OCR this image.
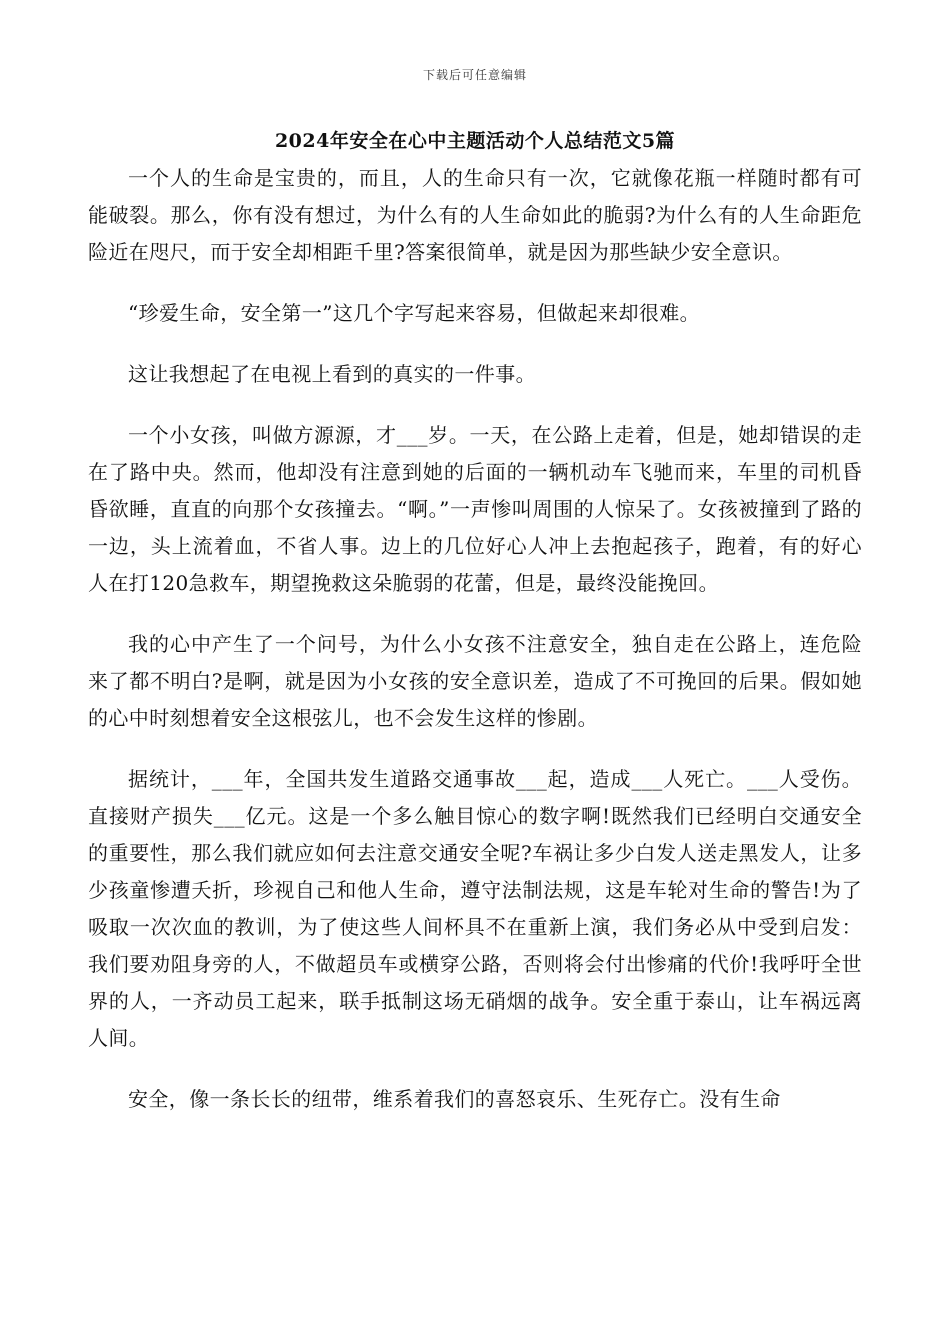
下载后可任意编辑
2024年安全在心中主题活动个人总结范文5篇

一个人的生命是宝贵的，而且，人的生命只有一次，它就像花瓶一样随时都有可能破裂。那么，你有没有想过，为什么有的人生命如此的脆弱?为什么有的人生命距危险近在咫尺，而于安全却相距千里?答案很简单，就是因为那些缺少安全意识。

“珍爱生命，安全第一”这几个字写起来容易，但做起来却很难。

这让我想起了在电视上看到的真实的一件事。

一个小女孩，叫做方源源，才___岁。一天，在公路上走着，但是，她却错误的走在了路中央。然而，他却没有注意到她的后面的一辆机动车飞驰而来，车里的司机昏昏欲睡，直直的向那个女孩撞去。“啊。”一声惨叫周围的人惊呆了。女孩被撞到了路的一边，头上流着血，不省人事。边上的几位好心人冲上去抱起孩子，跑着，有的好心人在打120急救车，期望挽救这朵脆弱的花蕾，但是，最终没能挽回。

我的心中产生了一个问号，为什么小女孩不注意安全，独自走在公路上，连危险来了都不明白?是啊，就是因为小女孩的安全意识差，造成了不可挽回的后果。假如她的心中时刻想着安全这根弦儿，也不会发生这样的惨剧。

据统计，___年，全国共发生道路交通事故___起，造成___人死亡。___人受伤。直接财产损失___亿元。这是一个多么触目惊心的数字啊!既然我们已经明白交通安全的重要性，那么我们就应如何去注意交通安全呢?车祸让多少白发人送走黑发人，让多少孩童惨遭夭折，珍视自己和他人生命，遵守法制法规，这是车轮对生命的警告!为了吸取一次次血的教训，为了使这些人间杯具不在重新上演，我们务必从中受到启发：我们要劝阻身旁的人，不做超员车或横穿公路，否则将会付出惨痛的代价!我呼吁全世界的人，一齐动员工起来，联手抵制这场无硝烟的战争。安全重于泰山，让车祸远离人间。

安全，像一条长长的纽带，维系着我们的喜怒哀乐、生死存亡。没有生命
